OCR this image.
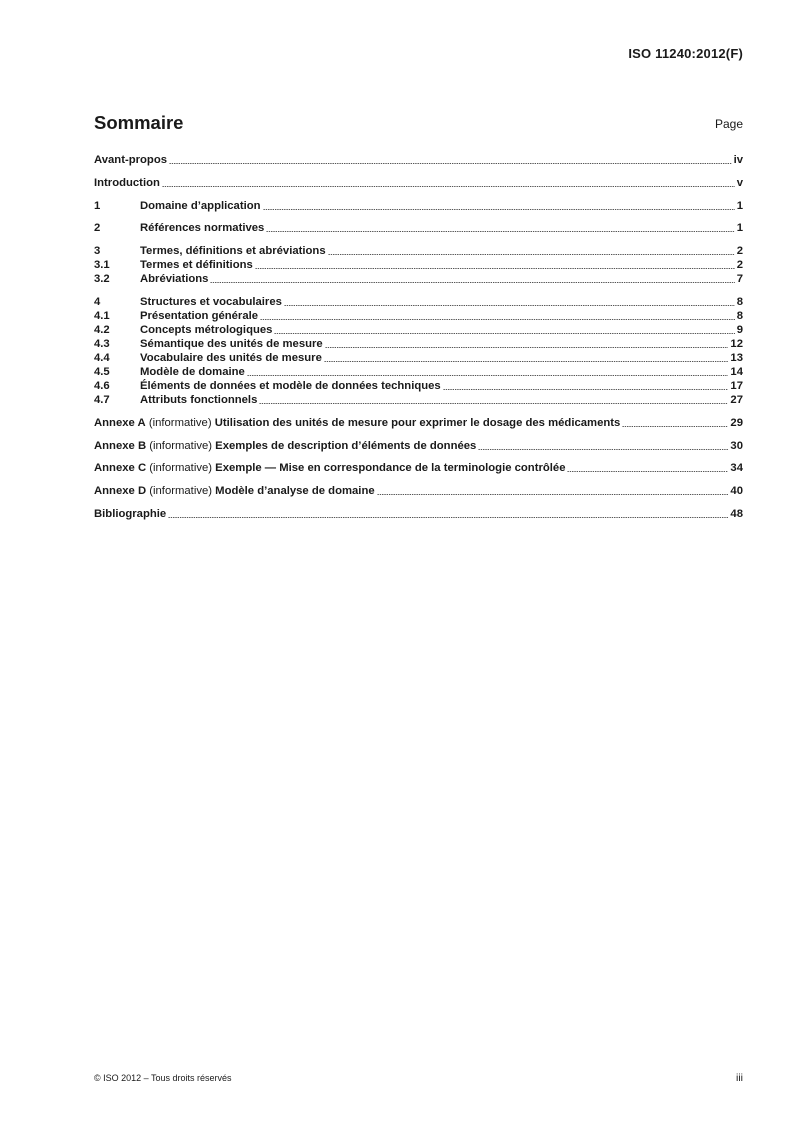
ISO 11240:2012(F)
Sommaire	Page
Avant-propos	iv
Introduction	v
1	Domaine d’application	1
2	Références normatives	1
3	Termes, définitions et abréviations	2
3.1	Termes et définitions	2
3.2	Abréviations	7
4	Structures et vocabulaires	8
4.1	Présentation générale	8
4.2	Concepts métrologiques	9
4.3	Sémantique des unités de mesure	12
4.4	Vocabulaire des unités de mesure	13
4.5	Modèle de domaine	14
4.6	Éléments de données et modèle de données techniques	17
4.7	Attributs fonctionnels	27
Annexe A (informative) Utilisation des unités de mesure pour exprimer le dosage des médicaments	29
Annexe B (informative) Exemples de description d’éléments de données	30
Annexe C (informative) Exemple — Mise en correspondance de la terminologie contrôlée	34
Annexe D (informative) Modèle d’analyse de domaine	40
Bibliographie	48
© ISO 2012 – Tous droits réservés	iii
